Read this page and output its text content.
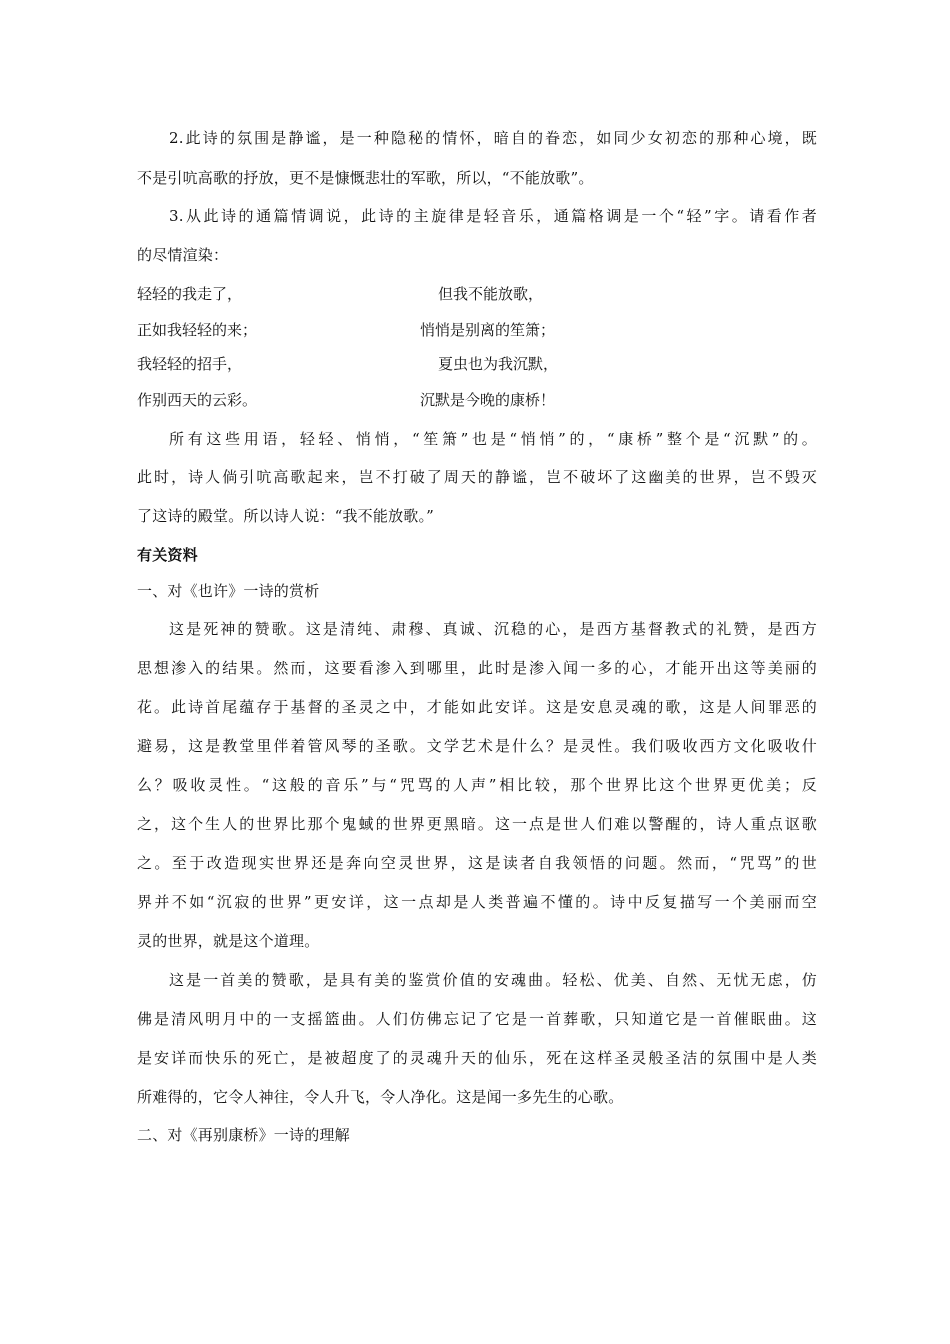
2.此诗的氛围是静谧，是一种隐秘的情怀，暗自的眷恋，如同少女初恋的那种心境，既
不是引吭高歌的抒放，更不是慷慨悲壮的军歌，所以，“不能放歌”。
3.从此诗的通篇情调说，此诗的主旋律是轻音乐，通篇格调是一个“轻”字。请看作者
的尽情渲染：
轻轻的我走了，
正如我轻轻的来；
我轻轻的招手，
作别西天的云彩。
但我不能放歌，
悄悄是别离的笙箫；
夏虫也为我沉默，
沉默是今晚的康桥！
所有这些用语，轻轻、悄悄，“笙箫”也是“悄悄”的，“康桥”整个是“沉默”的。
此时，诗人倘引吭高歌起来，岂不打破了周天的静谧，岂不破坏了这幽美的世界，岂不毁灭
了这诗的殿堂。所以诗人说：“我不能放歌。”
有关资料
一、对《也许》一诗的赏析
这是死神的赞歌。这是清纯、肃穆、真诚、沉稳的心，是西方基督教式的礼赞，是西方
思想渗入的结果。然而，这要看渗入到哪里，此时是渗入闻一多的心，才能开出这等美丽的
花。此诗首尾蕴存于基督的圣灵之中，才能如此安详。这是安息灵魂的歌，这是人间罪恶的
避易，这是教堂里伴着管风琴的圣歌。文学艺术是什么？是灵性。我们吸收西方文化吸收什
么？吸收灵性。“这般的音乐”与“咒骂的人声”相比较，那个世界比这个世界更优美；反
之，这个生人的世界比那个鬼蜮的世界更黑暗。这一点是世人们难以警醒的，诗人重点讴歌
之。至于改造现实世界还是奔向空灵世界，这是读者自我领悟的问题。然而，“咒骂”的世
界并不如“沉寂的世界”更安详，这一点却是人类普遍不懂的。诗中反复描写一个美丽而空
灵的世界，就是这个道理。
这是一首美的赞歌，是具有美的鉴赏价值的安魂曲。轻松、优美、自然、无忧无虑，仿
佛是清风明月中的一支摇篮曲。人们仿佛忘记了它是一首葬歌，只知道它是一首催眠曲。这
是安详而快乐的死亡，是被超度了的灵魂升天的仙乐，死在这样圣灵般圣洁的氛围中是人类
所难得的，它令人神往，令人升飞，令人净化。这是闻一多先生的心歌。
二、对《再别康桥》一诗的理解
